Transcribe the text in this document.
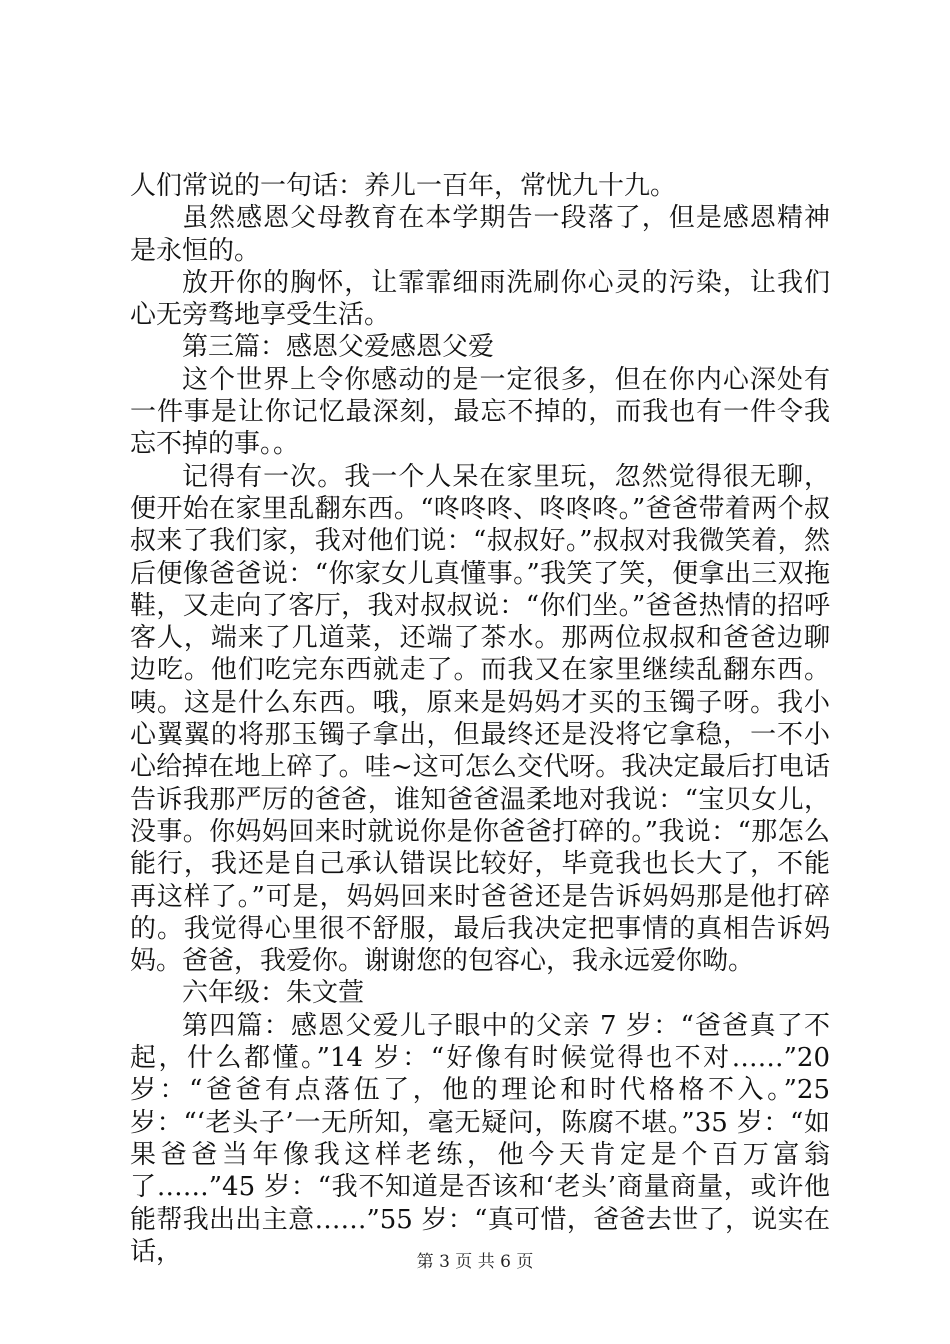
人们常说的一句话：养儿一百年，常忧九十九。

虽然感恩父母教育在本学期告一段落了，但是感恩精神是永恒的。

放开你的胸怀，让霏霏细雨洗刷你心灵的污染，让我们心无旁骛地享受生活。

第三篇：感恩父爱感恩父爱

这个世界上令你感动的是一定很多，但在你内心深处有一件事是让你记忆最深刻，最忘不掉的，而我也有一件令我忘不掉的事。。

记得有一次。我一个人呆在家里玩，忽然觉得很无聊，便开始在家里乱翻东西。“咚咚咚、咚咚咚。”爸爸带着两个叔叔来了我们家，我对他们说：“叔叔好。”叔叔对我微笑着，然后便像爸爸说：“你家女儿真懂事。”我笑了笑，便拿出三双拖鞋，又走向了客厅，我对叔叔说：“你们坐。”爸爸热情的招呼客人，端来了几道菜，还端了茶水。那两位叔叔和爸爸边聊边吃。他们吃完东西就走了。而我又在家里继续乱翻东西。咦。这是什么东西。哦，原来是妈妈才买的玉镯子呀。我小心翼翼的将那玉镯子拿出，但最终还是没将它拿稳，一不小心给掉在地上碎了。哇~这可怎么交代呀。我决定最后打电话告诉我那严厉的爸爸，谁知爸爸温柔地对我说：“宝贝女儿，没事。你妈妈回来时就说你是你爸爸打碎的。”我说：“那怎么能行，我还是自己承认错误比较好，毕竟我也长大了，不能再这样了。”可是，妈妈回来时爸爸还是告诉妈妈那是他打碎的。我觉得心里很不舒服，最后我决定把事情的真相告诉妈妈。爸爸，我爱你。谢谢您的包容心，我永远爱你呦。

六年级：朱文萱

第四篇：感恩父爱儿子眼中的父亲 7 岁：“爸爸真了不起，什么都懂。”14 岁：“好像有时候觉得也不对……”20 岁：“爸爸有点落伍了，他的理论和时代格格不入。”25 岁：“‘老头子’一无所知，毫无疑问，陈腐不堪。”35 岁：“如果爸爸当年像我这样老练，他今天肯定是个百万富翁了……”45 岁：“我不知道是否该和‘老头’商量商量，或许他能帮我出出主意……”55 岁：“真可惜，爸爸去世了，说实在话，	第 3 页 共 6 页
